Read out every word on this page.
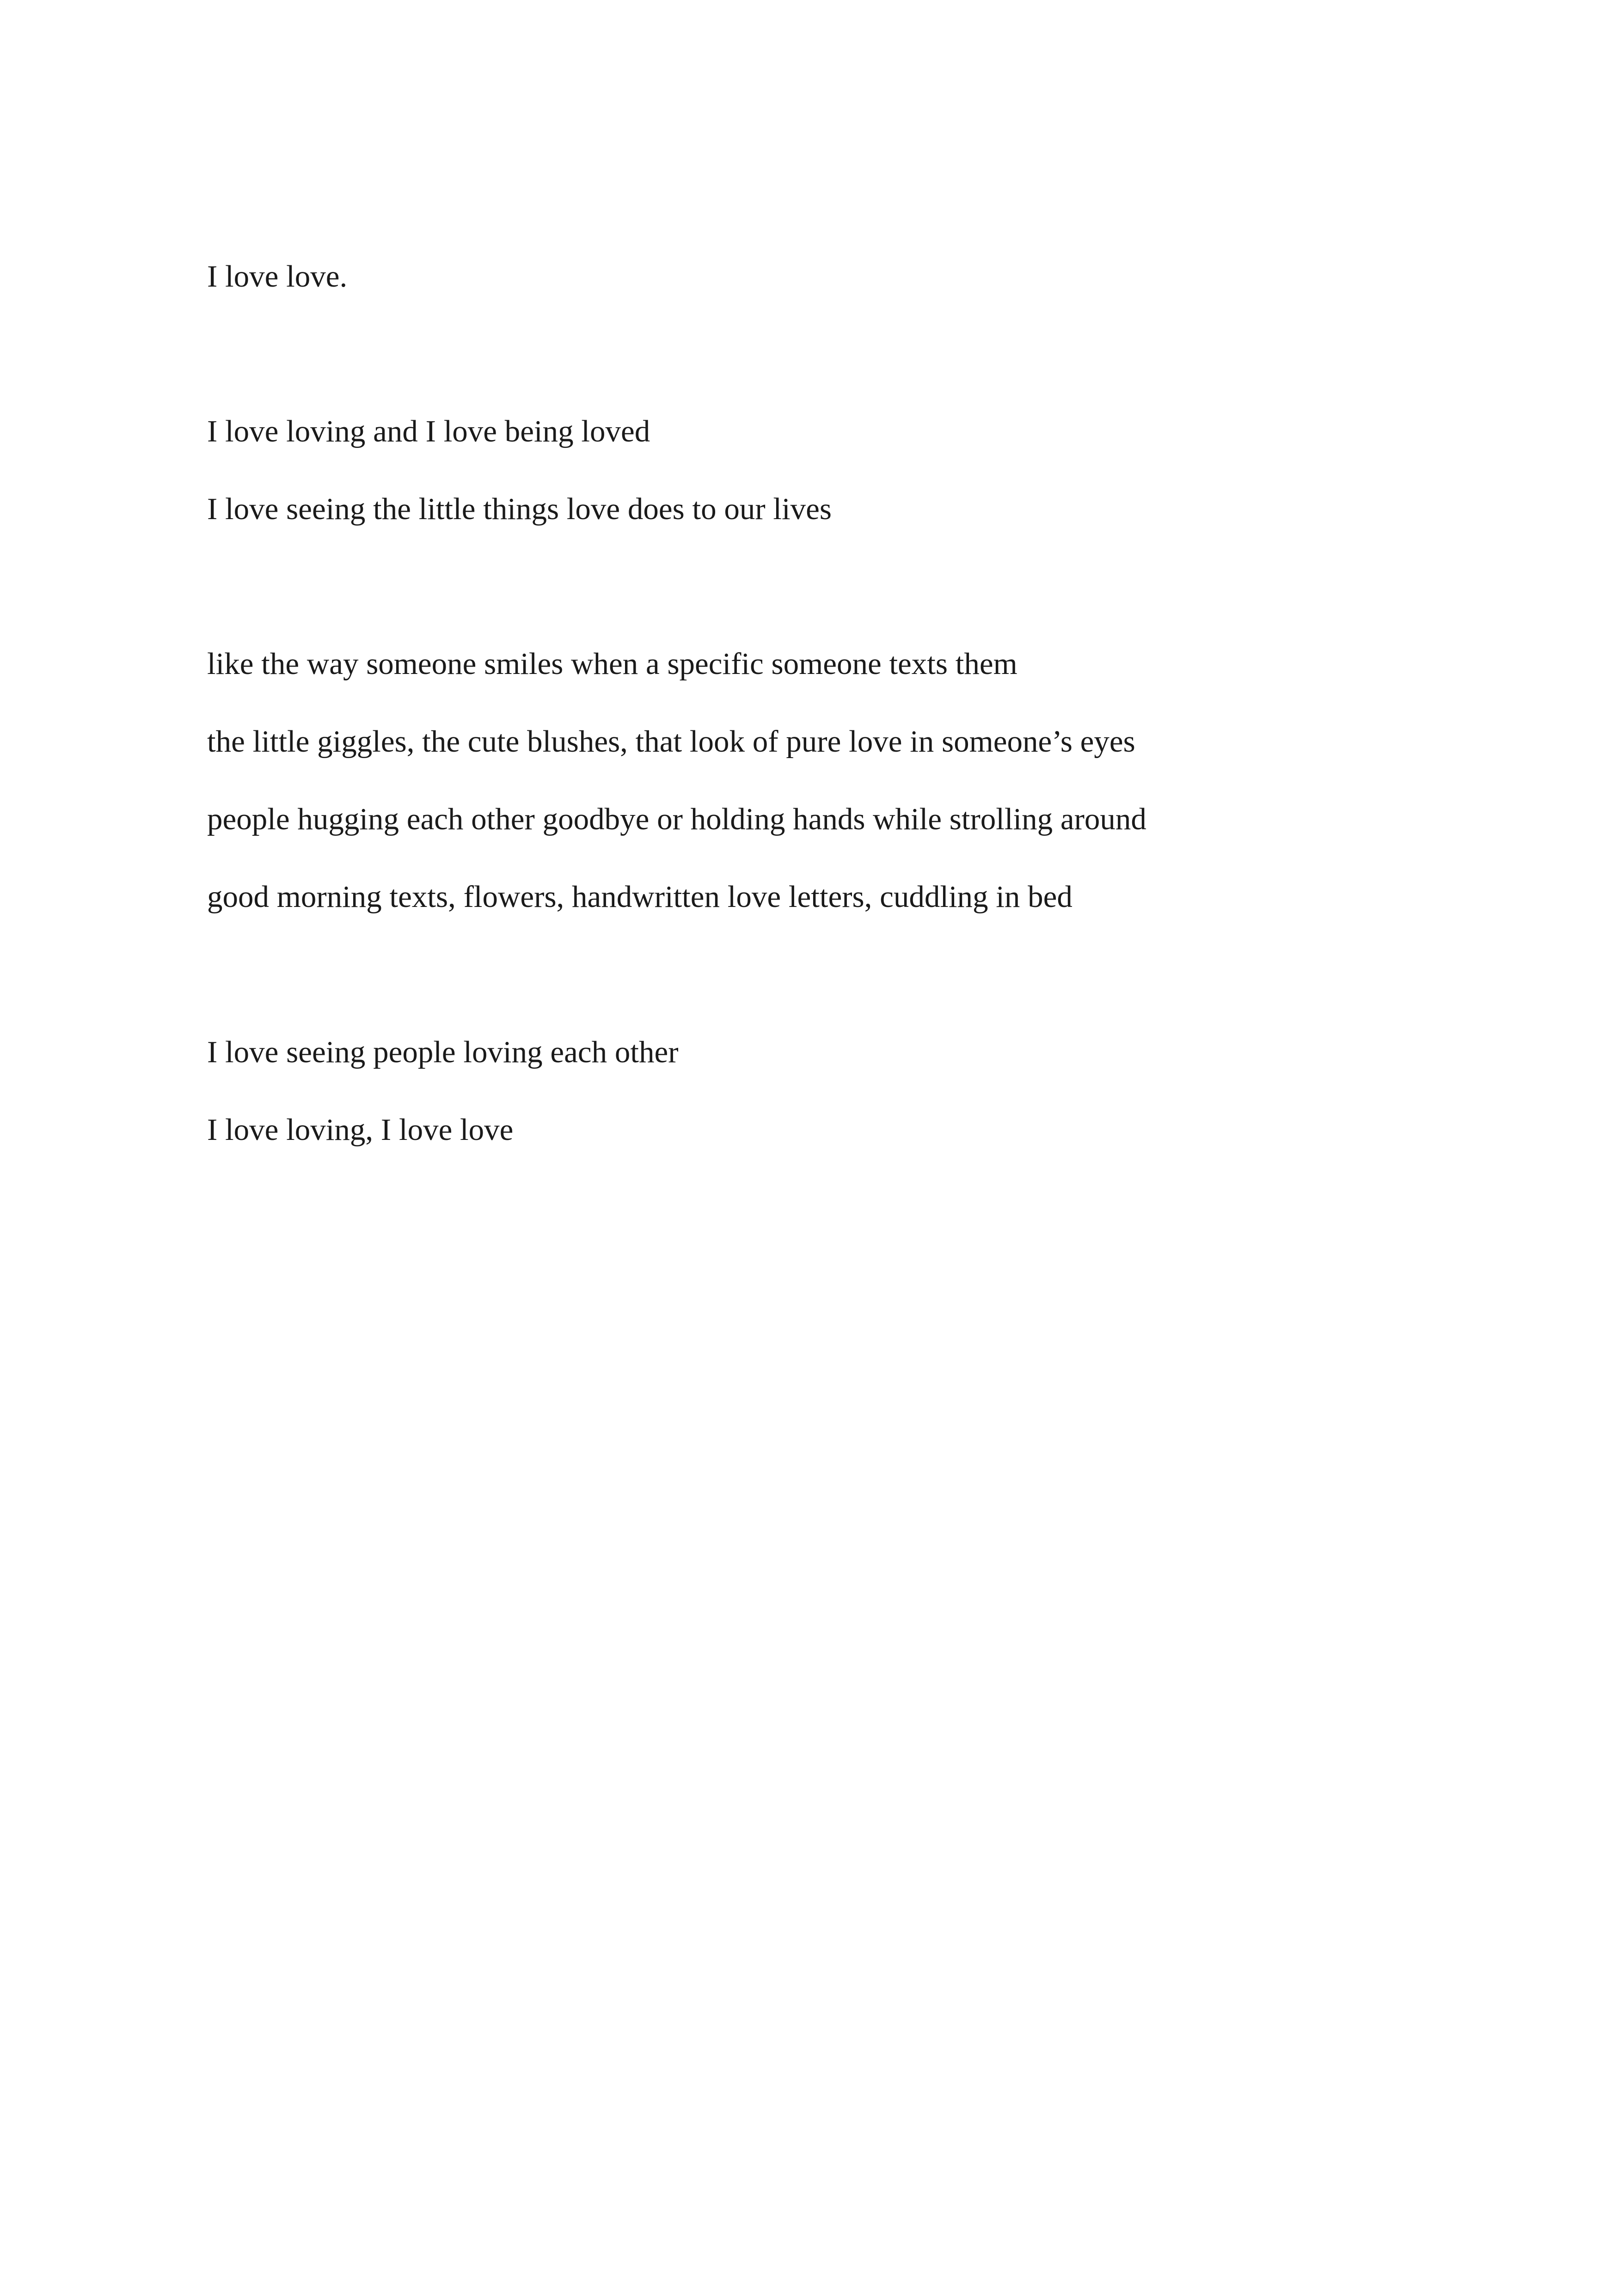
I love love.
I love loving and I love being loved
I love seeing the little things love does to our lives
like the way someone smiles when a specific someone texts them
the little giggles, the cute blushes, that look of pure love in someone’s eyes
people hugging each other goodbye or holding hands while strolling around
good morning texts, flowers, handwritten love letters, cuddling in bed
I love seeing people loving each other
I love loving, I love love
